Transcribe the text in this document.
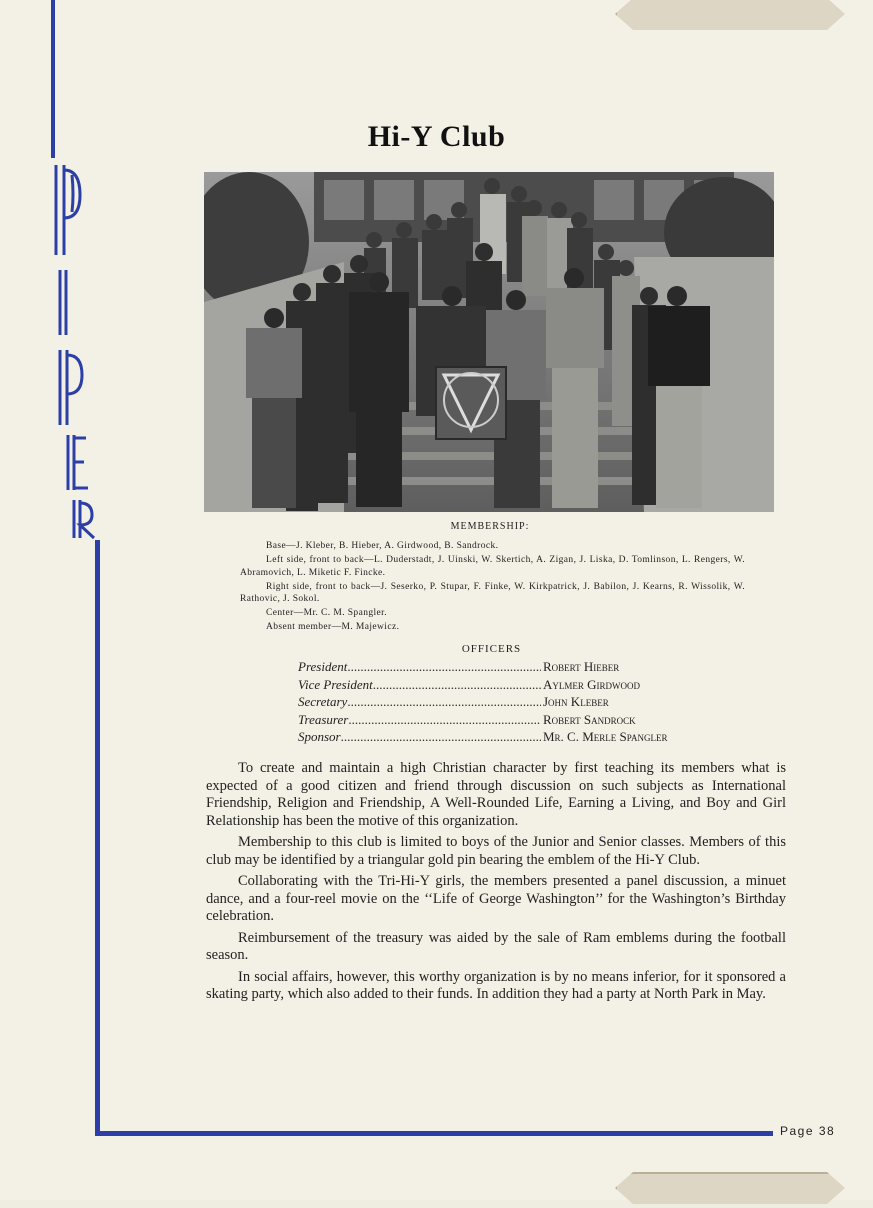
Hi-Y Club
MEMBERSHIP:

Base—J. Kleber, B. Hieber, A. Girdwood, B. Sandrock.

Left side, front to back—L. Duderstadt, J. Uinski, W. Skertich, A. Zigan, J. Liska, D. Tomlinson, L. Rengers, W. Abramovich, L. Miketic F. Fincke.

Right side, front to back—J. Seserko, P. Stupar, F. Finke, W. Kirkpatrick, J. Babilon, J. Kearns, R. Wissolik, W. Rathovic, J. Sokol.

Center—Mr. C. M. Spangler.

Absent member—M. Majewicz.

OFFICERS
President .....	Robert Hieber
Vice President .....	Aylmer Girdwood
Secretary .....	John Kleber
Treasurer .....	Robert Sandrock
Sponsor .....	Mr. C. Merle Spangler

To create and maintain a high Christian character by first teaching its members what is expected of a good citizen and friend through discussion on such subjects as International Friendship, Religion and Friendship, A Well-Rounded Life, Earning a Living, and Boy and Girl Relationship has been the motive of this organization.

Membership to this club is limited to boys of the Junior and Senior classes. Members of this club may be identified by a triangular gold pin bearing the emblem of the Hi-Y Club.

Collaborating with the Tri-Hi-Y girls, the members presented a panel discussion, a minuet dance, and a four-reel movie on the ‘‘Life of George Washington’’ for the Washington’s Birthday celebration.

Reimbursement of the treasury was aided by the sale of Ram emblems during the football season.

In social affairs, however, this worthy organization is by no means inferior, for it sponsored a skating party, which also added to their funds. In addition they had a party at North Park in May.

Page 38
